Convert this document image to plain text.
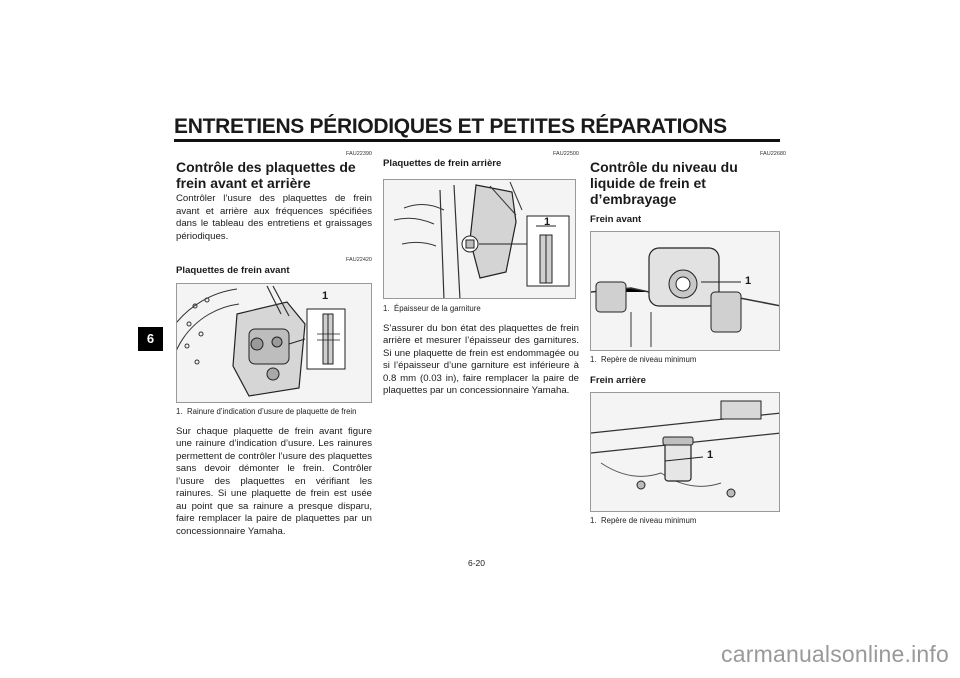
ENTRETIENS PÉRIODIQUES ET PETITES RÉPARATIONS
6
FAU22390
Contrôle des plaquettes de frein avant et arrière
Contrôler l’usure des plaquettes de frein avant et arrière aux fréquences spécifiées dans le tableau des entretiens et graissages périodiques.
FAU22420
Plaquettes de frein avant
1
1. Rainure d’indication d’usure de plaquette de frein
Sur chaque plaquette de frein avant figure une rainure d’indication d’usure. Les rainures permettent de contrôler l’usure des plaquettes sans devoir démonter le frein. Contrôler l’usure des plaquettes en vérifiant les rainures. Si une plaquette de frein est usée au point que sa rainure a presque disparu, faire remplacer la paire de plaquettes par un concessionnaire Yamaha.
FAU22500
Plaquettes de frein arrière
1
1. Épaisseur de la garniture
S’assurer du bon état des plaquettes de frein arrière et mesurer l’épaisseur des garnitures. Si une plaquette de frein est endommagée ou si l’épaisseur d’une garniture est inférieure à 0.8 mm (0.03 in), faire remplacer la paire de plaquettes par un concessionnaire Yamaha.
FAU22680
Contrôle du niveau du liquide de frein et d’embrayage
Frein avant
1
1. Repère de niveau minimum
Frein arrière
1
1. Repère de niveau minimum
6-20
carmanualsonline.info
